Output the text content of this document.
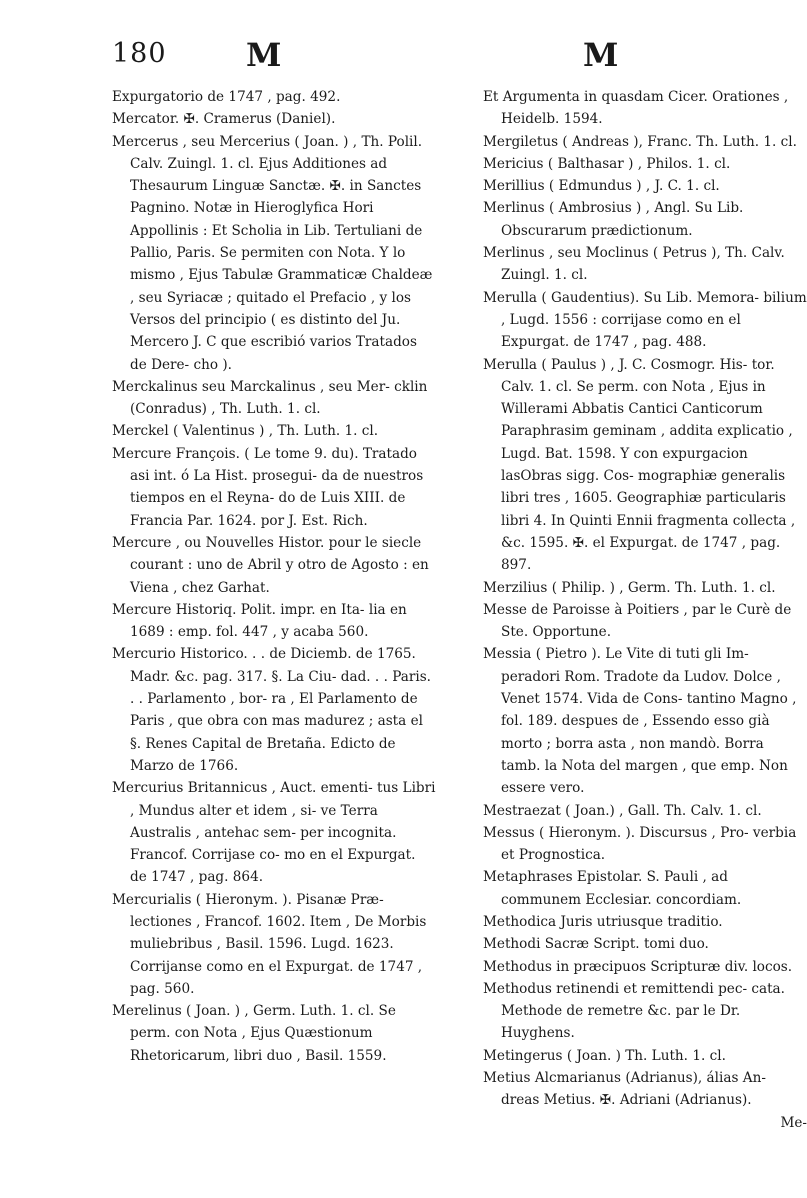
180 M	M

Expurgatorio de 1747 , pag. 492.

Mercator. ✠. Cramerus (Daniel).

Mercerus , seu Mercerius ( Joan. ) , Th. Polil. Calv. Zuingl. 1. cl. Ejus Additiones ad Thesaurum Linguæ Sanctæ. ✠. in Sanctes Pagnino. Notæ in Hieroglyfica Hori Appollinis : Et Scholia in Lib. Tertuliani de Pallio, Paris. Se permiten con Nota. Y lo mismo , Ejus Tabulæ Grammaticæ Chaldeæ , seu Syriacæ ; quitado el Prefacio , y los Versos del principio ( es distinto del Ju. Mercero J. C que escribió varios Tratados de Dere- cho ).

Merckalinus seu Marckalinus , seu Mer- cklin (Conradus) , Th. Luth. 1. cl.

Merckel ( Valentinus ) , Th. Luth. 1. cl.

Mercure François. ( Le tome 9. du). Tratado asi int. ó La Hist. prosegui- da de nuestros tiempos en el Reyna- do de Luis XIII. de Francia Par. 1624. por J. Est. Rich.

Mercure , ou Nouvelles Histor. pour le siecle courant : uno de Abril y otro de Agosto : en Viena , chez Garhat.

Mercure Historiq. Polit. impr. en Ita- lia en 1689 : emp. fol. 447 , y acaba 560.

Mercurio Historico. . . de Diciemb. de 1765. Madr. &c. pag. 317. §. La Ciu- dad. . . Paris. . . Parlamento , bor- ra , El Parlamento de Paris , que obra con mas madurez ; asta el §. Renes Capital de Bretaña. Edicto de Marzo de 1766.

Mercurius Britannicus , Auct. ementi- tus Libri , Mundus alter et idem , si- ve Terra Australis , antehac sem- per incognita. Francof. Corrijase co- mo en el Expurgat. de 1747 , pag. 864.

Mercurialis ( Hieronym. ). Pisanæ Præ- lectiones , Francof. 1602. Item , De Morbis muliebribus , Basil. 1596. Lugd. 1623. Corrijanse como en el Expurgat. de 1747 , pag. 560.

Merelinus ( Joan. ) , Germ. Luth. 1. cl. Se perm. con Nota , Ejus Quæstionum Rhetoricarum, libri duo , Basil. 1559.

Et Argumenta in quasdam Cicer. Orationes , Heidelb. 1594.

Mergiletus ( Andreas ), Franc. Th. Luth. 1. cl.

Mericius ( Balthasar ) , Philos. 1. cl.

Merillius ( Edmundus ) , J. C. 1. cl.

Merlinus ( Ambrosius ) , Angl. Su Lib. Obscurarum prædictionum.

Merlinus , seu Moclinus ( Petrus ), Th. Calv. Zuingl. 1. cl.

Merulla ( Gaudentius). Su Lib. Memora- bilium , Lugd. 1556 : corrijase como en el Expurgat. de 1747 , pag. 488.

Merulla ( Paulus ) , J. C. Cosmogr. His- tor. Calv. 1. cl. Se perm. con Nota , Ejus in Willerami Abbatis Cantici Canticorum Paraphrasim geminam , addita explicatio , Lugd. Bat. 1598. Y con expurgacion lasObras sigg. Cos- mographiæ generalis libri tres , 1605. Geographiæ particularis libri 4. In Quinti Ennii fragmenta collecta , &c. 1595. ✠. el Expurgat. de 1747 , pag. 897.

Merzilius ( Philip. ) , Germ. Th. Luth. 1. cl.

Messe de Paroisse à Poitiers , par le Curè de Ste. Opportune.

Messia ( Pietro ). Le Vite di tuti gli Im- peradori Rom. Tradote da Ludov. Dolce , Venet 1574. Vida de Cons- tantino Magno , fol. 189. despues de , Essendo esso già morto ; borra asta , non mandò. Borra tamb. la Nota del margen , que emp. Non essere vero.

Mestraezat ( Joan.) , Gall. Th. Calv. 1. cl.

Messus ( Hieronym. ). Discursus , Pro- verbia et Prognostica.

Metaphrases Epistolar. S. Pauli , ad communem Ecclesiar. concordiam.

Methodica Juris utriusque traditio.

Methodi Sacræ Script. tomi duo.

Methodus in præcipuos Scripturæ div. locos.

Methodus retinendi et remittendi pec- cata. Methode de remetre &c. par le Dr. Huyghens.

Metingerus ( Joan. ) Th. Luth. 1. cl.

Metius Alcmarianus (Adrianus), álias An- dreas Metius. ✠. Adriani (Adrianus).

Me-
